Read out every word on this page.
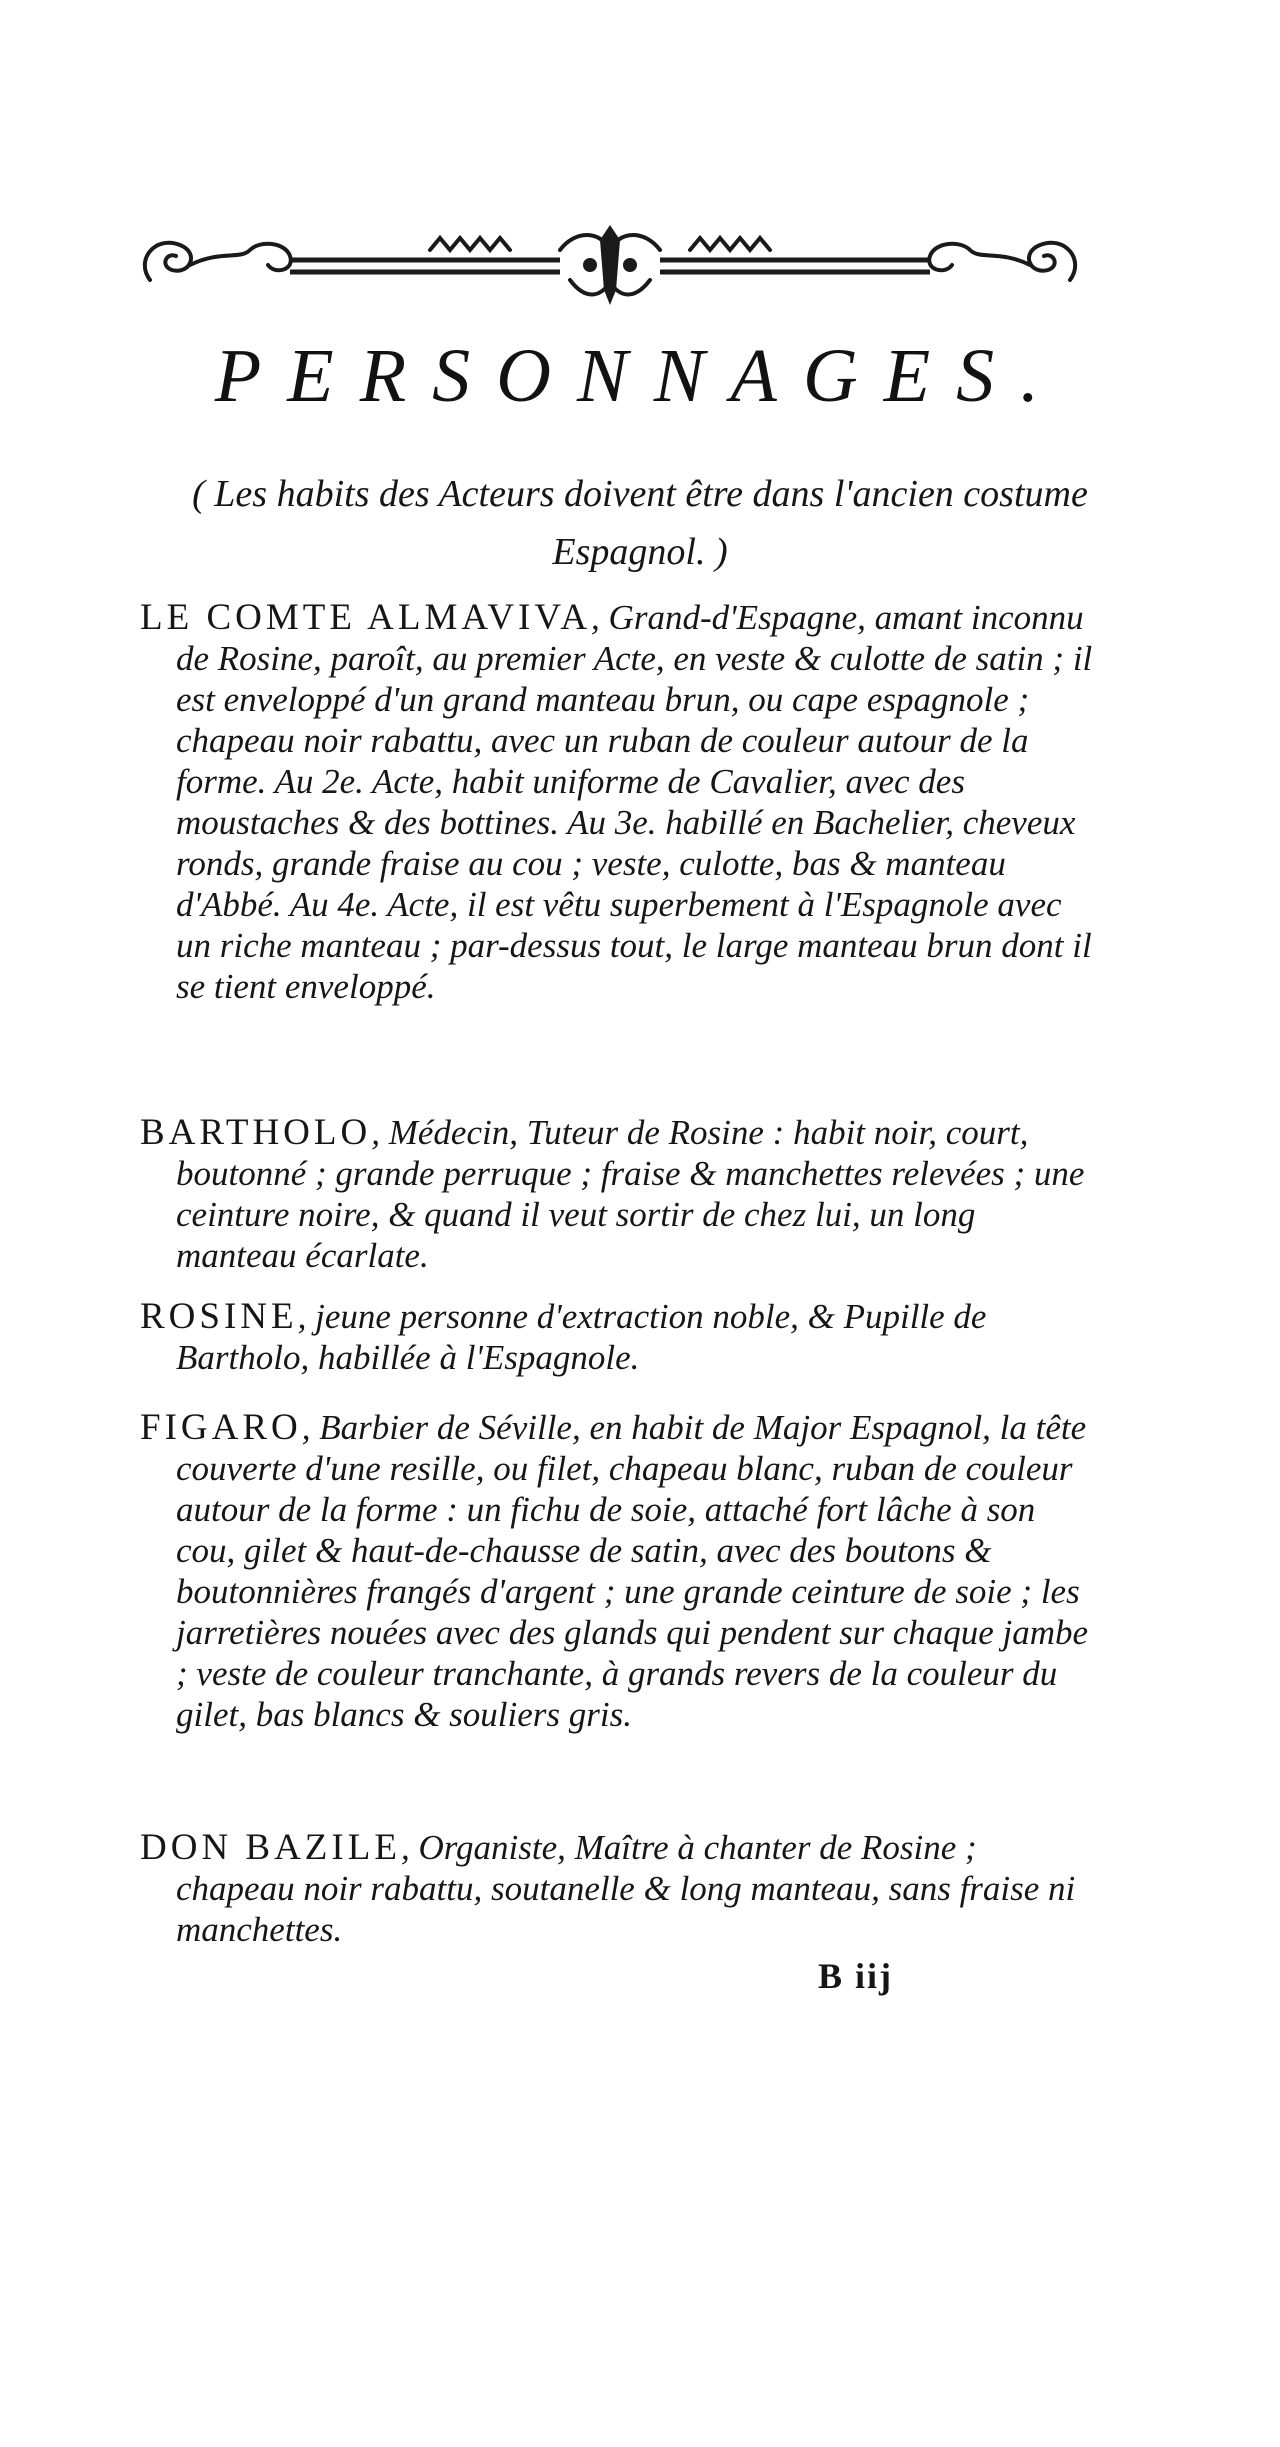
PERSONNAGES.
( Les habits des Acteurs doivent être dans l'ancien costume Espagnol. )

LE COMTE ALMAVIVA, Grand-d'Espagne, amant inconnu de Rosine, paroît, au premier Acte, en veste & culotte de satin ; il est enveloppé d'un grand manteau brun, ou cape espagnole ; chapeau noir rabattu, avec un ruban de couleur autour de la forme. Au 2e. Acte, habit uniforme de Cavalier, avec des moustaches & des bottines. Au 3e. habillé en Bachelier, cheveux ronds, grande fraise au cou ; veste, culotte, bas & manteau d'Abbé. Au 4e. Acte, il est vêtu superbement à l'Espagnole avec un riche manteau ; par-dessus tout, le large manteau brun dont il se tient enveloppé.

BARTHOLO, Médecin, Tuteur de Rosine : habit noir, court, boutonné ; grande perruque ; fraise & manchettes relevées ; une ceinture noire, & quand il veut sortir de chez lui, un long manteau écarlate.

ROSINE, jeune personne d'extraction noble, & Pupille de Bartholo, habillée à l'Espagnole.

FIGARO, Barbier de Séville, en habit de Major Espagnol, la tête couverte d'une resille, ou filet, chapeau blanc, ruban de couleur autour de la forme : un fichu de soie, attaché fort lâche à son cou, gilet & haut-de-chausse de satin, avec des boutons & boutonnières frangés d'argent ; une grande ceinture de soie ; les jarretières nouées avec des glands qui pendent sur chaque jambe ; veste de couleur tranchante, à grands revers de la couleur du gilet, bas blancs & souliers gris.

DON BAZILE, Organiste, Maître à chanter de Rosine ; chapeau noir rabattu, soutanelle & long manteau, sans fraise ni manchettes.

B iij
